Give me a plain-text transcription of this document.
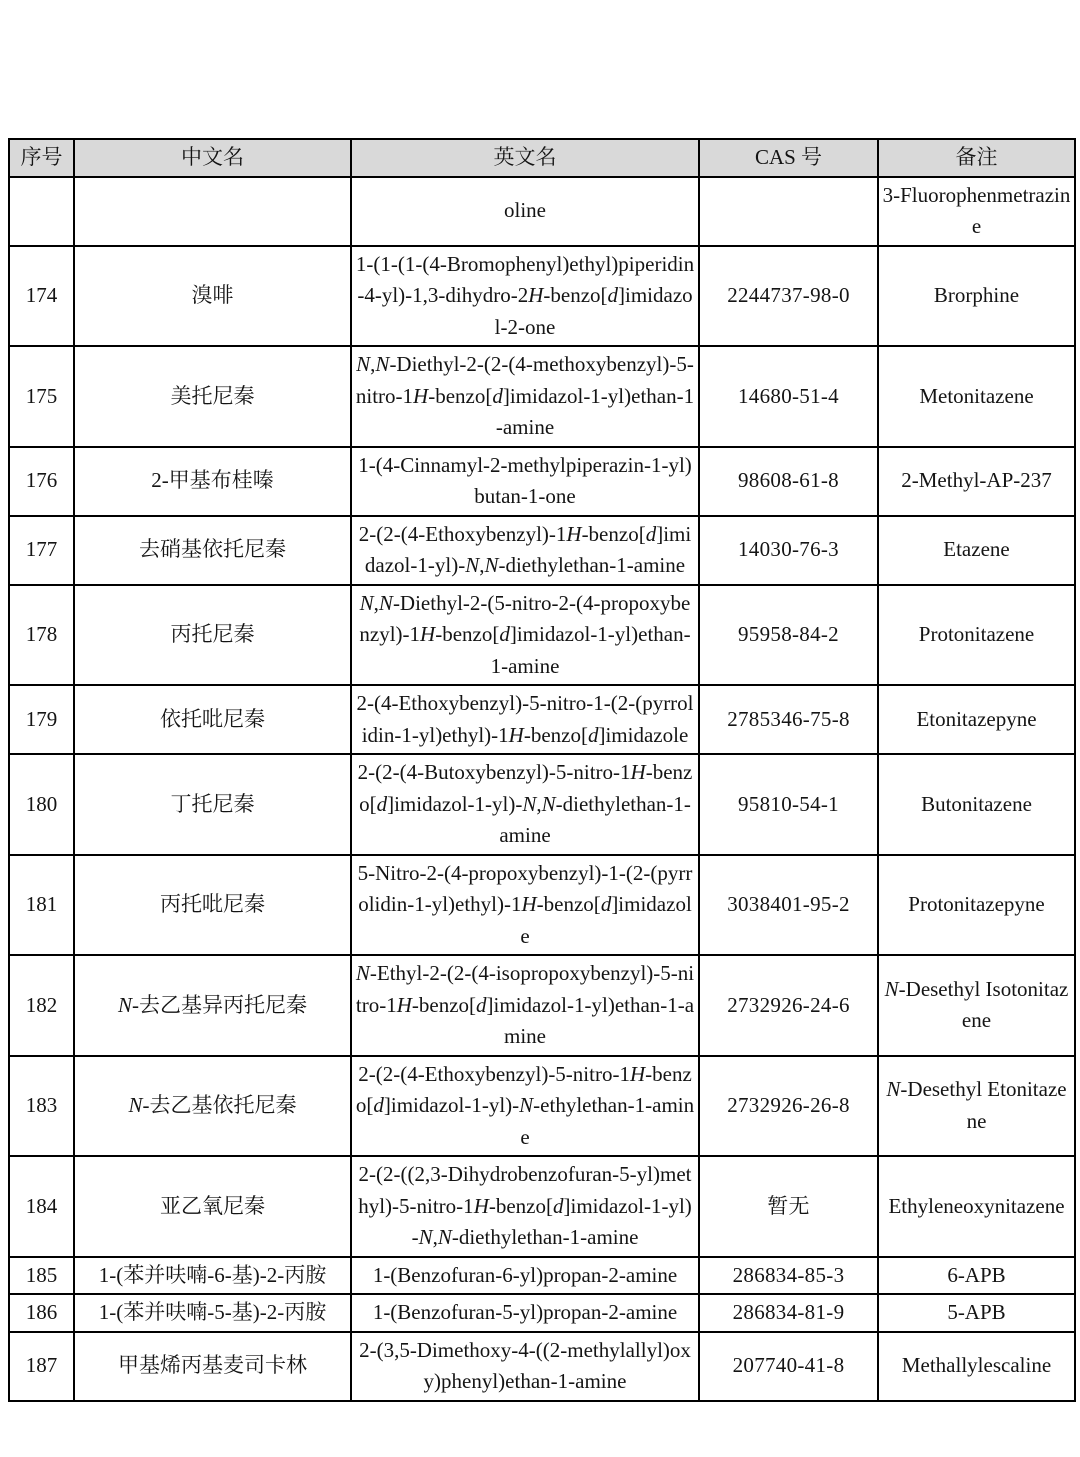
序号	中文名	英文名	CAS 号	备注
		oline		3-Fluorophenmetrazine
174	溴啡	1-(1-(1-(4-Bromophenyl)ethyl)piperidin-4-yl)-1,3-dihydro-2H-benzo[d]imidazol-2-one	2244737-98-0	Brorphine
175	美托尼秦	N,N-Diethyl-2-(2-(4-methoxybenzyl)-5-nitro-1H-benzo[d]imidazol-1-yl)ethan-1-amine	14680-51-4	Metonitazene
176	2-甲基布桂嗪	1-(4-Cinnamyl-2-methylpiperazin-1-yl)butan-1-one	98608-61-8	2-Methyl-AP-237
177	去硝基依托尼秦	2-(2-(4-Ethoxybenzyl)-1H-benzo[d]imidazol-1-yl)-N,N-diethylethan-1-amine	14030-76-3	Etazene
178	丙托尼秦	N,N-Diethyl-2-(5-nitro-2-(4-propoxybenzyl)-1H-benzo[d]imidazol-1-yl)ethan-1-amine	95958-84-2	Protonitazene
179	依托吡尼秦	2-(4-Ethoxybenzyl)-5-nitro-1-(2-(pyrrolidin-1-yl)ethyl)-1H-benzo[d]imidazole	2785346-75-8	Etonitazepyne
180	丁托尼秦	2-(2-(4-Butoxybenzyl)-5-nitro-1H-benzo[d]imidazol-1-yl)-N,N-diethylethan-1-amine	95810-54-1	Butonitazene
181	丙托吡尼秦	5-Nitro-2-(4-propoxybenzyl)-1-(2-(pyrrolidin-1-yl)ethyl)-1H-benzo[d]imidazole	3038401-95-2	Protonitazepyne
182	N-去乙基异丙托尼秦	N-Ethyl-2-(2-(4-isopropoxybenzyl)-5-nitro-1H-benzo[d]imidazol-1-yl)ethan-1-amine	2732926-24-6	N-Desethyl Isotonitazene
183	N-去乙基依托尼秦	2-(2-(4-Ethoxybenzyl)-5-nitro-1H-benzo[d]imidazol-1-yl)-N-ethylethan-1-amine	2732926-26-8	N-Desethyl Etonitazene
184	亚乙氧尼秦	2-(2-((2,3-Dihydrobenzofuran-5-yl)methyl)-5-nitro-1H-benzo[d]imidazol-1-yl)-N,N-diethylethan-1-amine	暂无	Ethyleneoxynitazene
185	1-(苯并呋喃-6-基)-2-丙胺	1-(Benzofuran-6-yl)propan-2-amine	286834-85-3	6-APB
186	1-(苯并呋喃-5-基)-2-丙胺	1-(Benzofuran-5-yl)propan-2-amine	286834-81-9	5-APB
187	甲基烯丙基麦司卡林	2-(3,5-Dimethoxy-4-((2-methylallyl)oxy)phenyl)ethan-1-amine	207740-41-8	Methallylescaline
